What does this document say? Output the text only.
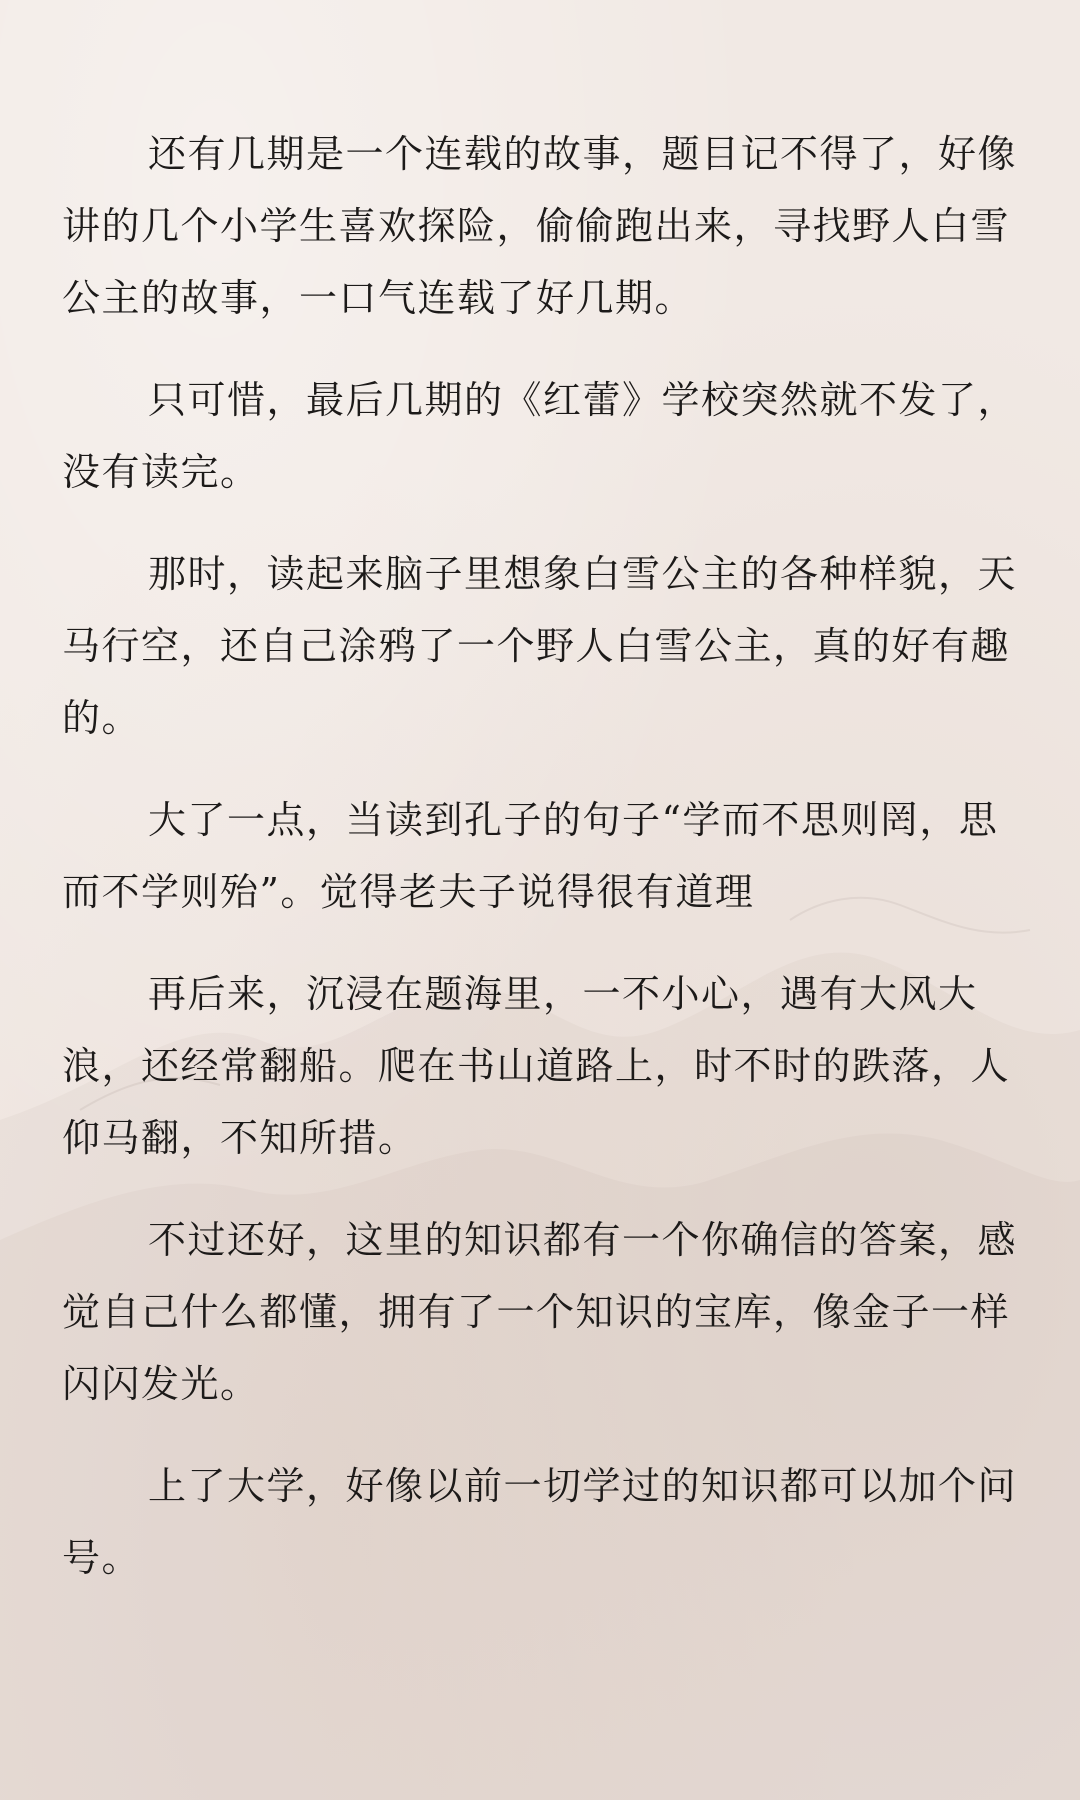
还有几期是一个连载的故事，题目记不得了，好像讲的几个小学生喜欢探险，偷偷跑出来，寻找野人白雪公主的故事，一口气连载了好几期。

只可惜，最后几期的《红蕾》学校突然就不发了，没有读完。

那时，读起来脑子里想象白雪公主的各种样貌，天马行空，还自己涂鸦了一个野人白雪公主，真的好有趣的。

大了一点，当读到孔子的句子“学而不思则罔，思而不学则殆”。觉得老夫子说得很有道理

再后来，沉浸在题海里，一不小心，遇有大风大浪，还经常翻船。爬在书山道路上，时不时的跌落，人仰马翻，不知所措。

不过还好，这里的知识都有一个你确信的答案，感觉自己什么都懂，拥有了一个知识的宝库，像金子一样闪闪发光。

上了大学，好像以前一切学过的知识都可以加个问号。
